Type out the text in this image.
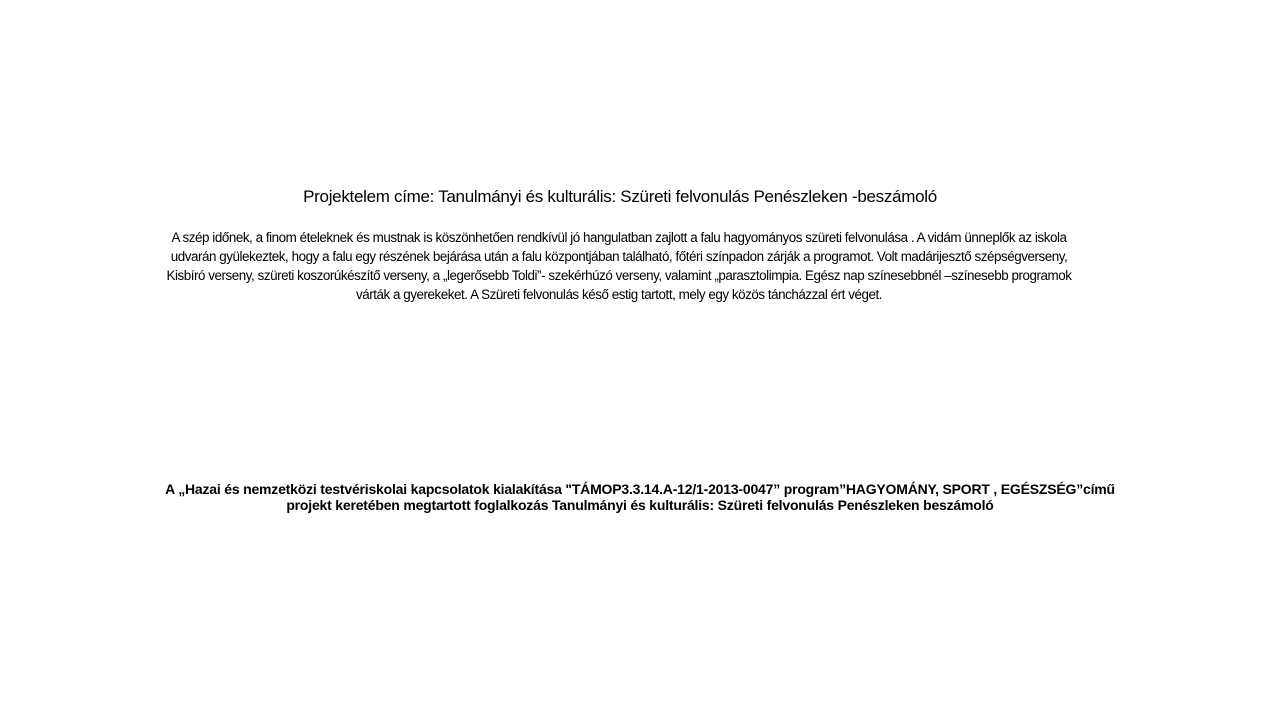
Projektelem címe: Tanulmányi és kulturális: Szüreti felvonulás Penészleken -beszámoló
A szép időnek, a finom ételeknek és mustnak is köszönhetően rendkívül jó hangulatban zajlott a falu hagyományos szüreti felvonulása . A vidám ünneplők az iskola udvarán gyülekeztek, hogy a falu egy részének bejárása után a falu központjában található, főtéri színpadon zárják a programot. Volt madárijesztő szépségverseny, Kisbíró verseny, szüreti koszorúkészítő verseny, a „legerősebb Toldi”- szekérhúzó verseny, valamint „parasztolimpia. Egész nap színesebbnél –színesebb programok várták a gyerekeket. A Szüreti felvonulás késő estig tartott, mely egy közös táncházzal ért véget.
A „Hazai és nemzetközi testvériskolai kapcsolatok kialakítása "TÁMOP3.3.14.A-12/1-2013-0047” program”HAGYOMÁNY, SPORT , EGÉSZSÉG”című projekt keretében megtartott foglalkozás Tanulmányi és kulturális: Szüreti felvonulás Penészleken beszámoló
